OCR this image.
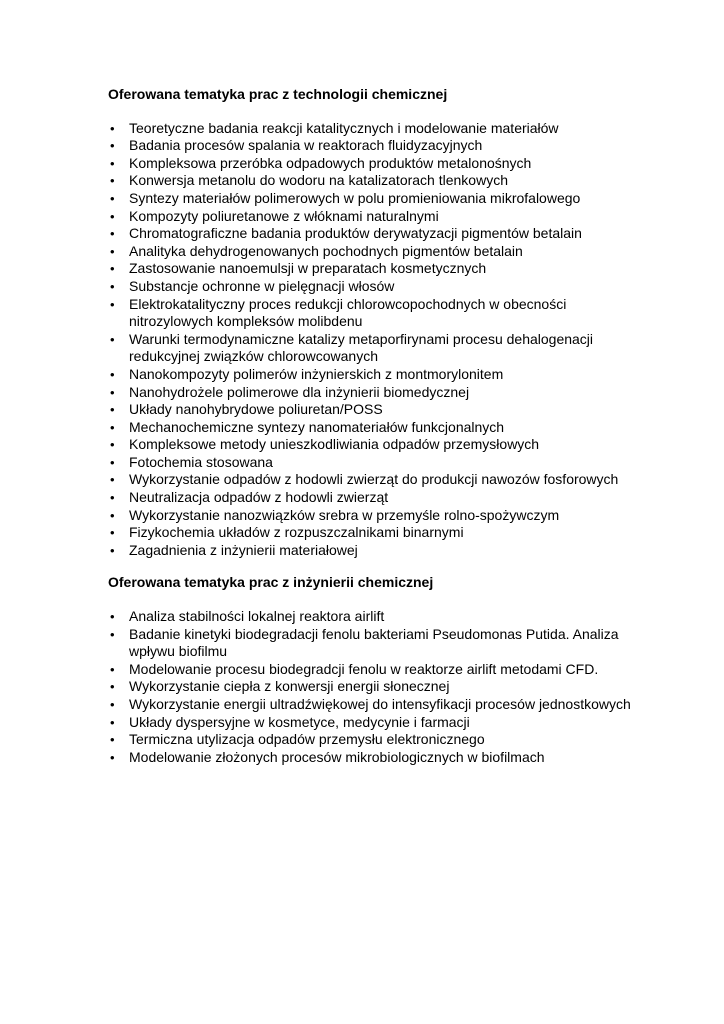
Oferowana tematyka prac z technologii chemicznej

• Teoretyczne badania reakcji katalitycznych i modelowanie materiałów
• Badania procesów spalania w reaktorach fluidyzacyjnych
• Kompleksowa przeróbka odpadowych produktów metalonośnych
• Konwersja metanolu do wodoru na katalizatorach tlenkowych
• Syntezy materiałów polimerowych w polu promieniowania mikrofalowego
• Kompozyty poliuretanowe z włóknami naturalnymi
• Chromatograficzne badania produktów derywatyzacji pigmentów betalain
• Analityka dehydrogenowanych pochodnych pigmentów betalain
• Zastosowanie nanoemulsji w preparatach kosmetycznych
• Substancje ochronne w pielęgnacji włosów
• Elektrokatalityczny proces redukcji chlorowcopochodnych w obecności nitrozylowych kompleksów molibdenu
• Warunki termodynamiczne katalizy metaporfirynami procesu dehalogenacji redukcyjnej związków chlorowcowanych
• Nanokompozyty polimerów inżynierskich z montmorylonitem
• Nanohydrożele polimerowe dla inżynierii biomedycznej
• Układy nanohybrydowe poliuretan/POSS
• Mechanochemiczne syntezy nanomateriałów funkcjonalnych
• Kompleksowe metody unieszkodliwiania odpadów przemysłowych
• Fotochemia stosowana
• Wykorzystanie odpadów z hodowli zwierząt do produkcji nawozów fosforowych
• Neutralizacja odpadów z hodowli zwierząt
• Wykorzystanie nanozwiązków srebra w przemyśle rolno-spożywczym
• Fizykochemia układów z rozpuszczalnikami binarnymi
• Zagadnienia z inżynierii materiałowej

Oferowana tematyka prac z inżynierii chemicznej

• Analiza stabilności lokalnej reaktora airlift
• Badanie kinetyki biodegradacji fenolu bakteriami Pseudomonas Putida. Analiza wpływu biofilmu
• Modelowanie procesu biodegradcji fenolu w reaktorze airlift metodami CFD.
• Wykorzystanie ciepła z konwersji energii słonecznej
• Wykorzystanie energii ultradźwiękowej do intensyfikacji procesów jednostkowych
• Układy dyspersyjne w kosmetyce, medycynie i farmacji
• Termiczna utylizacja odpadów przemysłu elektronicznego
• Modelowanie złożonych procesów mikrobiologicznych w biofilmach
